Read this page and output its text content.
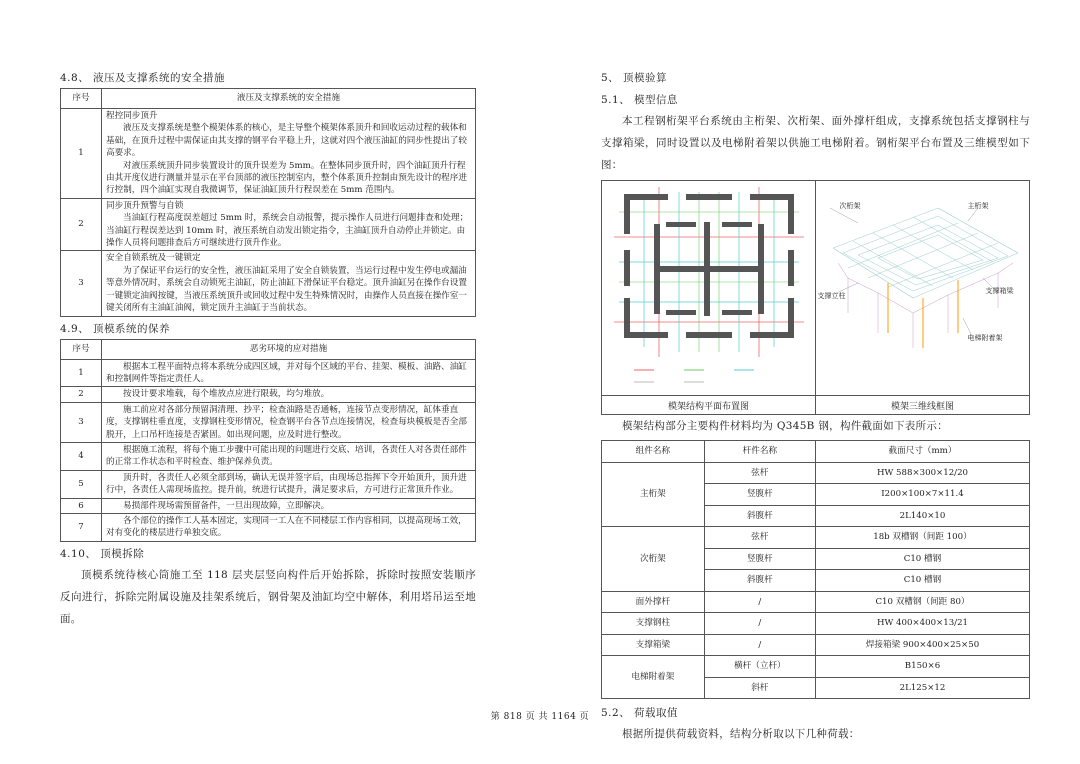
4.8、 液压及支撑系统的安全措施
序号	液压及支撑系统的安全措施
1	程控同步顶升
液压及支撑系统是整个模架体系的核心，是主导整个模架体系顶升和回收运动过程的载体和基础，在顶升过程中需保证由其支撑的钢平台平稳上升，这就对四个液压油缸的同步性提出了较高要求。
对液压系统顶升同步装置设计的顶升误差为 5mm。在整体同步顶升时，四个油缸顶升行程由其开度仪进行测量并显示在平台顶部的液压控制室内，整个体系顶升控制由预先设计的程序进行控制，四个油缸实现自我微调节，保证油缸顶升行程误差在 5mm 范围内。

2	同步顶升预警与自锁
当油缸行程高度误差超过 5mm 时，系统会自动报警，提示操作人员进行问题排查和处理；当油缸行程误差达到 10mm 时，液压系统自动发出锁定指令，主油缸顶升自动停止并锁定。由操作人员将问题排查后方可继续进行顶升作业。

3	安全自锁系统及一键锁定
为了保证平台运行的安全性，液压油缸采用了安全自锁装置，当运行过程中发生停电或漏油等意外情况时，系统会自动锁死主油缸，防止油缸下滑保证平台稳定。顶升油缸另在操作台设置一键锁定油阀按键，当液压系统顶升或回收过程中发生特殊情况时，由操作人员直接在操作室一键关闭所有主油缸油阀，锁定顶升主油缸于当前状态。
4.9、 顶模系统的保养
序号	恶劣环境的应对措施
1	根据本工程平面特点将本系统分成四区域，并对每个区域的平台、挂架、模板、油路、油缸和控制网件等指定责任人。

2	按设计要求堆载，每个堆放点应进行限载，均匀堆放。

3	施工前应对各部分预留洞清理、抄平；检查油路是否通畅，连接节点变形情况，缸体垂直度，支撑钢柱垂直度，支撑钢柱变形情况，检查钢平台各节点连接情况，检查每块模板是否全部脱开，上口吊杆连接是否紧固。如出现问题，应及时进行整改。

4	根据施工流程，将每个施工步骤中可能出现的问题进行交底、培训，各责任人对各责任部件的正常工作状态和平时检查、维护保养负责。

5	顶升时，各责任人必须全部到场，确认无误并签字后，由现场总指挥下令开始顶升，顶升进行中，各责任人需现场监控。提升前，统进行试提升，满足要求后，方可进行正常顶升作业。

6	易损部件现场需预留备件，一旦出现故障，立即解决。

7	各个部位的操作工人基本固定，实现同一工人在不同楼层工作内容相同，以提高现场工效，对有变化的楼层进行单独交底。
4.10、 顶模拆除

顶模系统待核心筒施工至 118 层夹层竖向构件后开始拆除，拆除时按照安装顺序反向进行，拆除完附属设施及挂架系统后，钢骨架及油缸均空中解体，利用塔吊运至地面。

5、 顶模验算
5.1、 模型信息

本工程钢桁架平台系统由主桁架、次桁架、面外撑杆组成，支撑系统包括支撑钢柱与支撑箱梁，同时设置以及电梯附着架以供施工电梯附着。钢桁架平台布置及三维模型如下图：

次桁架 主桁架
支撑立柱
支撑箱梁
电梯附着架

模架结构平面布置图	模架三维线框图

模架结构部分主要构件材料均为 Q345B 钢，构件截面如下表所示：

组件名称	杆件名称	截面尺寸（mm）
主桁架	弦杆	HW 588×300×12/20
	竖腹杆	I200×100×7×11.4
	斜腹杆	2L140×10
次桁架	弦杆	18b 双槽钢（间距 100）
	竖腹杆	C10 槽钢
	斜腹杆	C10 槽钢
面外撑杆	/	C10 双槽钢（间距 80）
支撑钢柱	/	HW 400×400×13/21
支撑箱梁	/	焊接箱梁 900×400×25×50
电梯附着架	横杆（立杆）	B150×6
	斜杆	2L125×12
5.2、 荷载取值

根据所提供荷载资料，结构分析取以下几种荷载：

第 818 页 共 1164 页
